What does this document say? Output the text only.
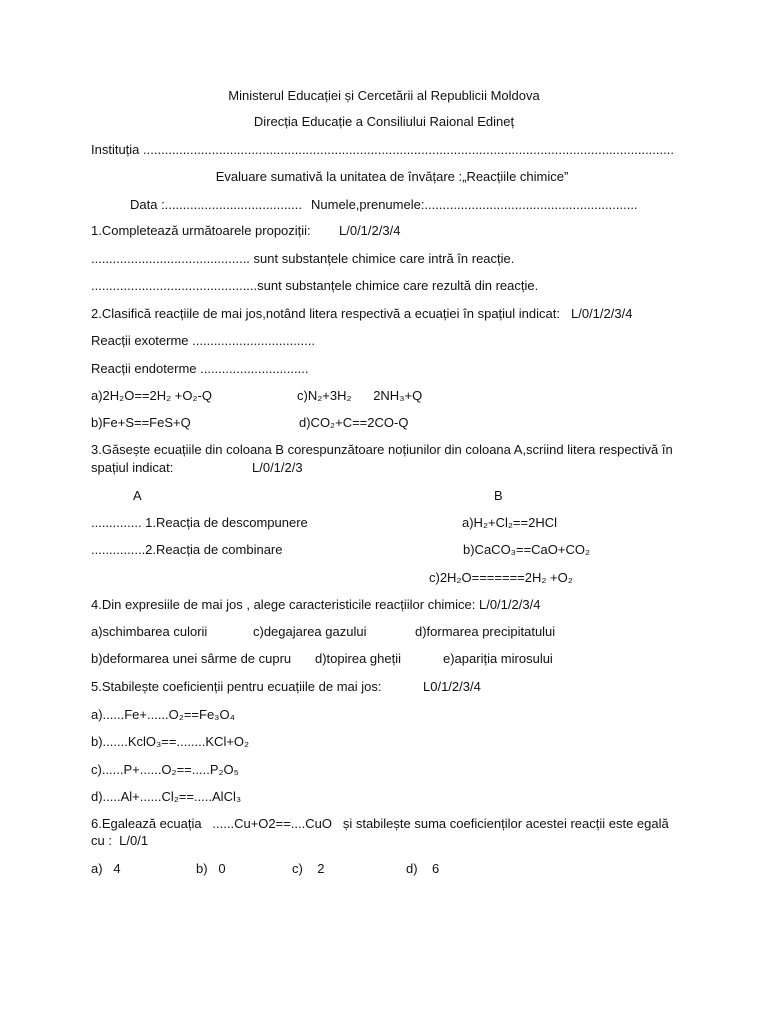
Ministerul Educației și Cercetării al Republicii Moldova
Direcția Educație a Consiliului Raional Edineț
Instituția ...................................................................................................................................................
Evaluare sumativă la unitatea de învățare :„Reacțiile chimice”
Data :...................................... Numele,prenumele:...........................................................
1.Completează următoarele propoziții: L/0/1/2/3/4
............................................ sunt substanțele chimice care intră în reacție.
..............................................sunt substanțele chimice care rezultă din reacție.
2.Clasifică reacțiile de mai jos,notând litera respectivă a ecuației în spațiul indicat: L/0/1/2/3/4
Reacții exoterme ..................................
Reacții endoterme ..............................
a)2H₂O==2H₂ +O₂-Q	c)N₂+3H₂      2NH₃+Q
b)Fe+S==FeS+Q	d)CO₂+C==2CO-Q
3.Găsește ecuațiile din coloana B corespunzătoare noțiunilor din coloana A,scriind litera respectivă în
spațiul indicat:	L/0/1/2/3
A	B
.............. 1.Reacția de descompunere	a)H₂+Cl₂==2HCl
...............2.Reacția de combinare	b)CaCO₃==CaO+CO₂
c)2H₂O=======2H₂ +O₂
4.Din expresiile de mai jos , alege caracteristicile reacțiilor chimice: L/0/1/2/3/4
a)schimbarea culorii	c)degajarea gazului	d)formarea precipitatului
b)deformarea unei sârme de cupru d)topirea gheții	e)apariția mirosului
5.Stabilește coeficienții pentru ecuațiile de mai jos:	L0/1/2/3/4
a)......Fe+......O₂==Fe₃O₄
b).......KclO₃==........KCl+O₂
c)......P+......O₂==.....P₂O₅
d).....Al+......Cl₂==.....AlCl₃
6.Egalează ecuația   ......Cu+O2==....CuO   și stabilește suma coeficienților acestei reacții este egală
cu :  L/0/1
a)   4	b)   0	c)    2	d)    6
